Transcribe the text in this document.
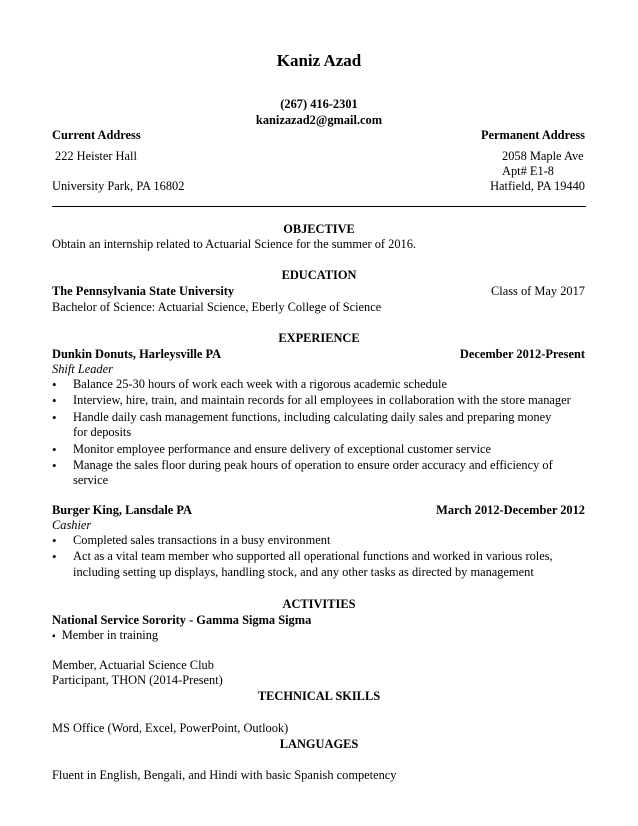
Kaniz Azad
(267) 416-2301
kanizazad2@gmail.com
Current Address
222 Heister Hall
University Park, PA 16802
Permanent Address
2058 Maple Ave
Apt# E1-8
Hatfield, PA 19440
OBJECTIVE
Obtain an internship related to Actuarial Science for the summer of 2016.
EDUCATION
The Pennsylvania State University	Class of May 2017
Bachelor of Science: Actuarial Science, Eberly College of Science
EXPERIENCE
Dunkin Donuts, Harleysville PA	December 2012-Present
Shift Leader
• Balance 25-30 hours of work each week with a rigorous academic schedule
• Interview, hire, train, and maintain records for all employees in collaboration with the store manager
• Handle daily cash management functions, including calculating daily sales and preparing money for deposits
• Monitor employee performance and ensure delivery of exceptional customer service
• Manage the sales floor during peak hours of operation to ensure order accuracy and efficiency of service
Burger King, Lansdale PA	March 2012-December 2012
Cashier
• Completed sales transactions in a busy environment
• Act as a vital team member who supported all operational functions and worked in various roles, including setting up displays, handling stock, and any other tasks as directed by management
ACTIVITIES
National Service Sorority - Gamma Sigma Sigma
▪ Member in training
Member, Actuarial Science Club
Participant, THON (2014-Present)
TECHNICAL SKILLS
MS Office (Word, Excel, PowerPoint, Outlook)
LANGUAGES
Fluent in English, Bengali, and Hindi with basic Spanish competency
